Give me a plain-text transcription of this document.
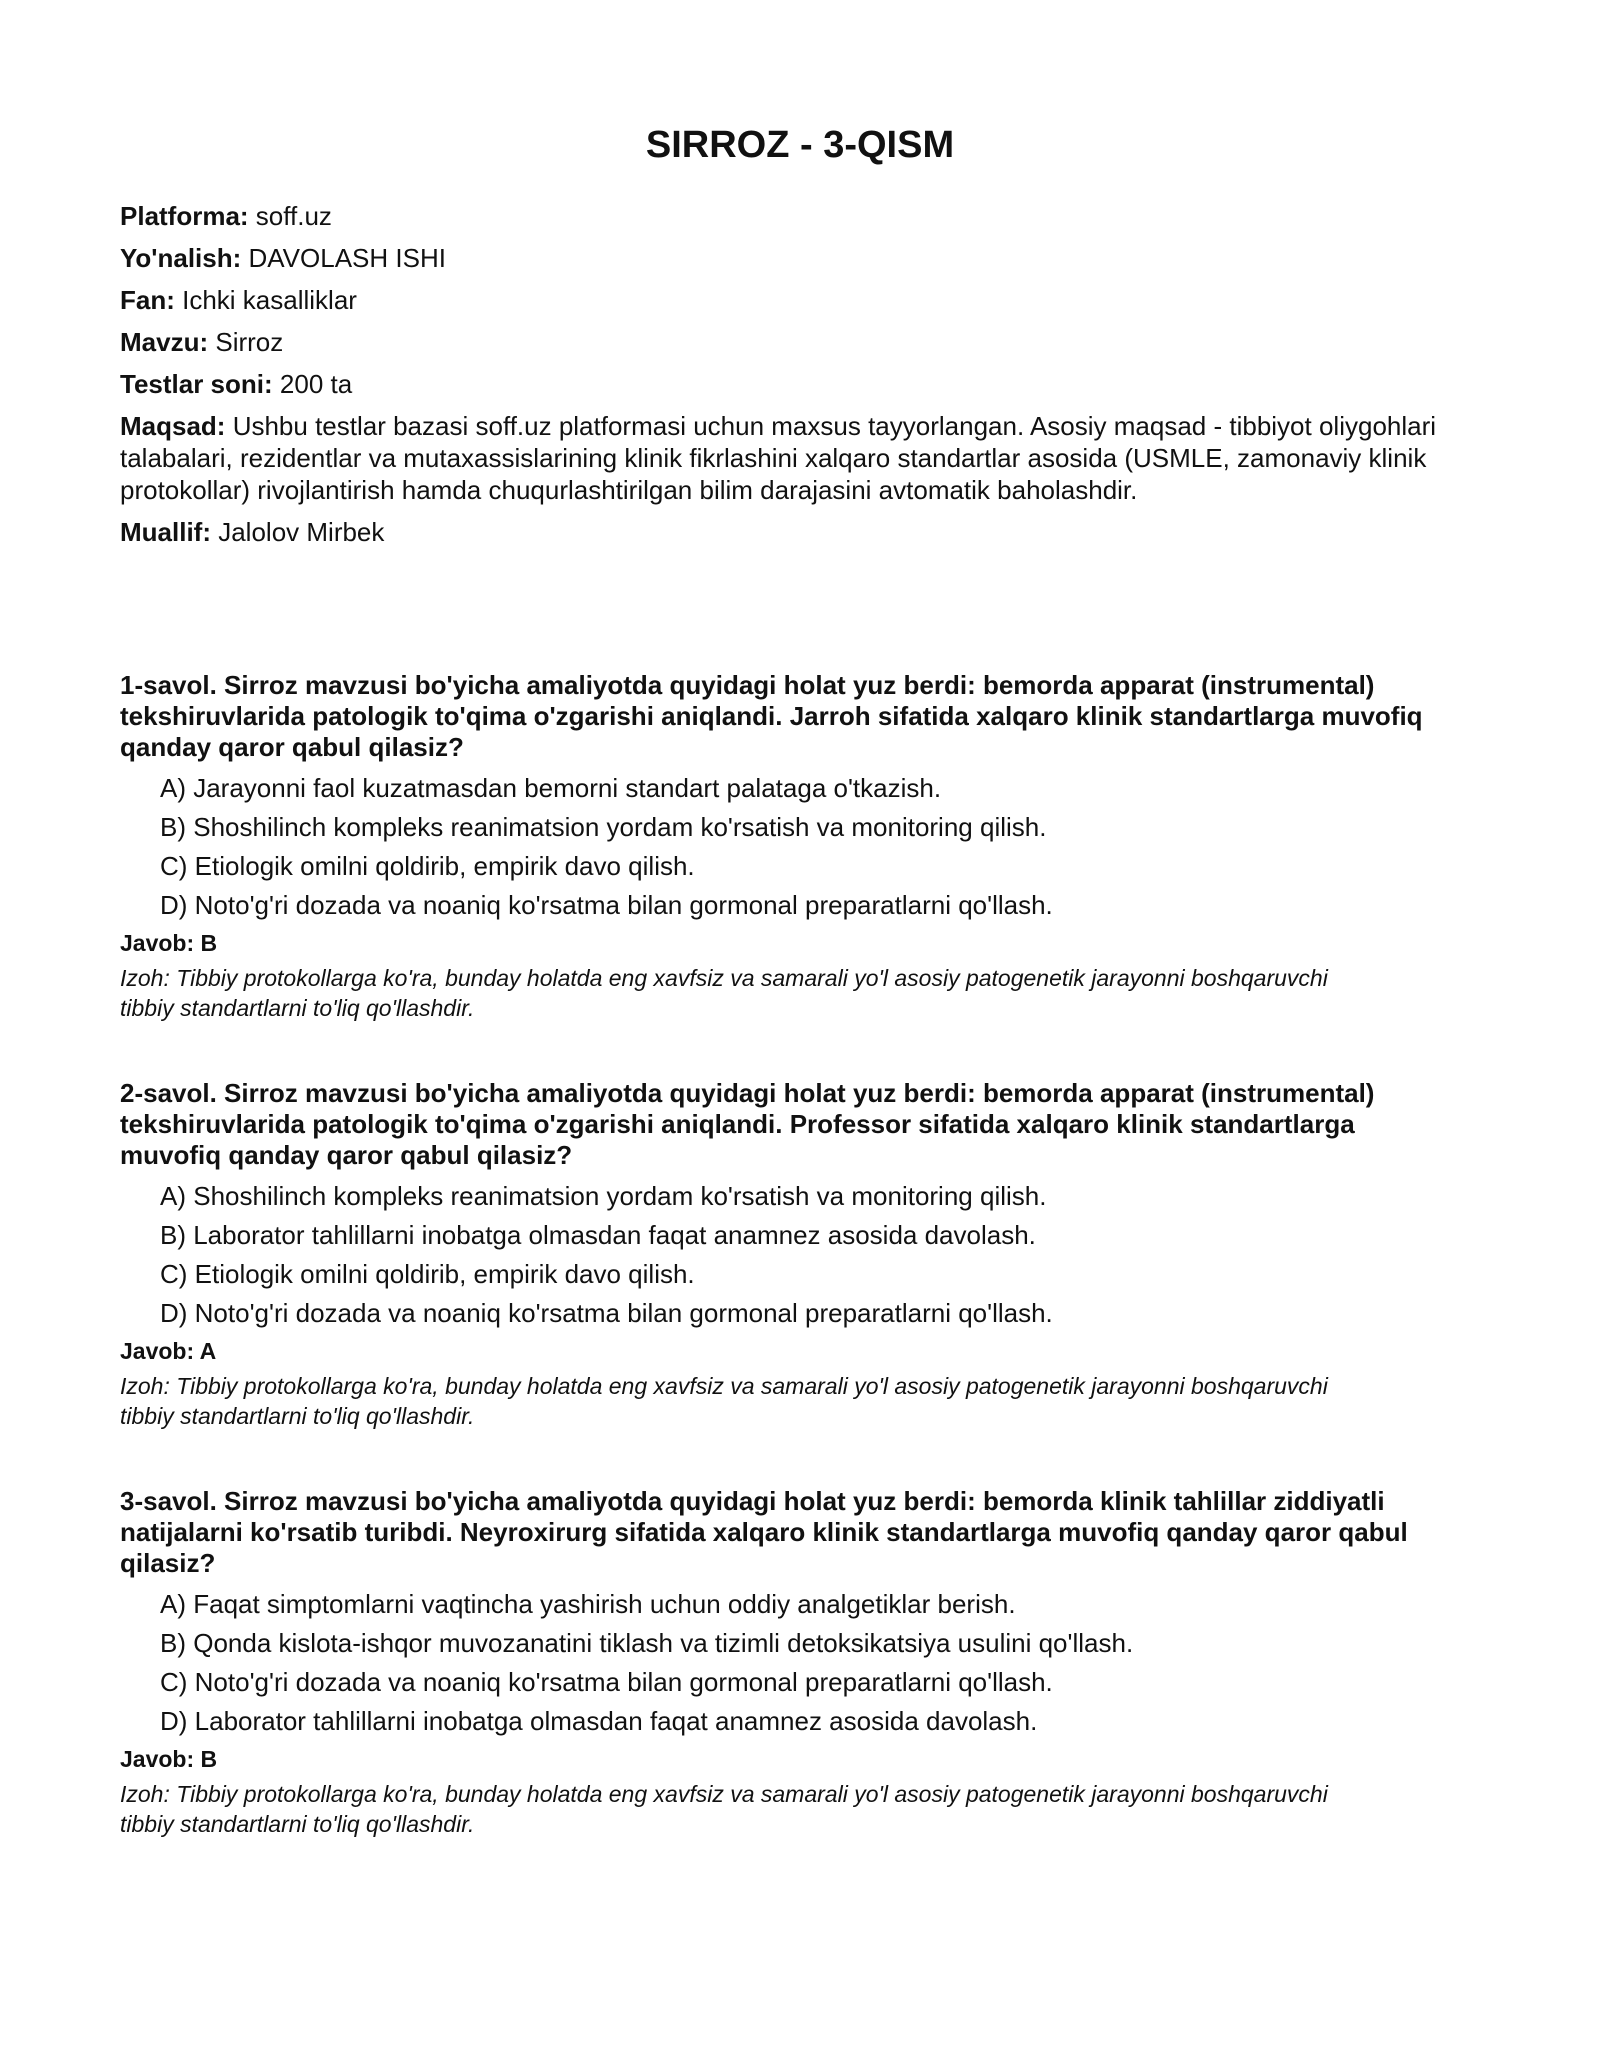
SIRROZ - 3-QISM
Platforma: soff.uz
Yo'nalish: DAVOLASH ISHI
Fan: Ichki kasalliklar
Mavzu: Sirroz
Testlar soni: 200 ta
Maqsad: Ushbu testlar bazasi soff.uz platformasi uchun maxsus tayyorlangan. Asosiy maqsad - tibbiyot oliygohlari talabalari, rezidentlar va mutaxassislarining klinik fikrlashini xalqaro standartlar asosida (USMLE, zamonaviy klinik protokollar) rivojlantirish hamda chuqurlashtirilgan bilim darajasini avtomatik baholashdir.
Muallif: Jalolov Mirbek

1-savol. Sirroz mavzusi bo'yicha amaliyotda quyidagi holat yuz berdi: bemorda apparat (instrumental) tekshiruvlarida patologik to'qima o'zgarishi aniqlandi. Jarroh sifatida xalqaro klinik standartlarga muvofiq qanday qaror qabul qilasiz?

A) Jarayonni faol kuzatmasdan bemorni standart palataga o'tkazish.
B) Shoshilinch kompleks reanimatsion yordam ko'rsatish va monitoring qilish.
C) Etiologik omilni qoldirib, empirik davo qilish.
D) Noto'g'ri dozada va noaniq ko'rsatma bilan gormonal preparatlarni qo'llash.
Javob: B
Izoh: Tibbiy protokollarga ko'ra, bunday holatda eng xavfsiz va samarali yo'l asosiy patogenetik jarayonni boshqaruvchi tibbiy standartlarni to'liq qo'llashdir.

2-savol. Sirroz mavzusi bo'yicha amaliyotda quyidagi holat yuz berdi: bemorda apparat (instrumental) tekshiruvlarida patologik to'qima o'zgarishi aniqlandi. Professor sifatida xalqaro klinik standartlarga muvofiq qanday qaror qabul qilasiz?

A) Shoshilinch kompleks reanimatsion yordam ko'rsatish va monitoring qilish.
B) Laborator tahlillarni inobatga olmasdan faqat anamnez asosida davolash.
C) Etiologik omilni qoldirib, empirik davo qilish.
D) Noto'g'ri dozada va noaniq ko'rsatma bilan gormonal preparatlarni qo'llash.
Javob: A
Izoh: Tibbiy protokollarga ko'ra, bunday holatda eng xavfsiz va samarali yo'l asosiy patogenetik jarayonni boshqaruvchi tibbiy standartlarni to'liq qo'llashdir.

3-savol. Sirroz mavzusi bo'yicha amaliyotda quyidagi holat yuz berdi: bemorda klinik tahlillar ziddiyatli natijalarni ko'rsatib turibdi. Neyroxirurg sifatida xalqaro klinik standartlarga muvofiq qanday qaror qabul qilasiz?

A) Faqat simptomlarni vaqtincha yashirish uchun oddiy analgetiklar berish.
B) Qonda kislota-ishqor muvozanatini tiklash va tizimli detoksikatsiya usulini qo'llash.
C) Noto'g'ri dozada va noaniq ko'rsatma bilan gormonal preparatlarni qo'llash.
D) Laborator tahlillarni inobatga olmasdan faqat anamnez asosida davolash.
Javob: B
Izoh: Tibbiy protokollarga ko'ra, bunday holatda eng xavfsiz va samarali yo'l asosiy patogenetik jarayonni boshqaruvchi tibbiy standartlarni to'liq qo'llashdir.
